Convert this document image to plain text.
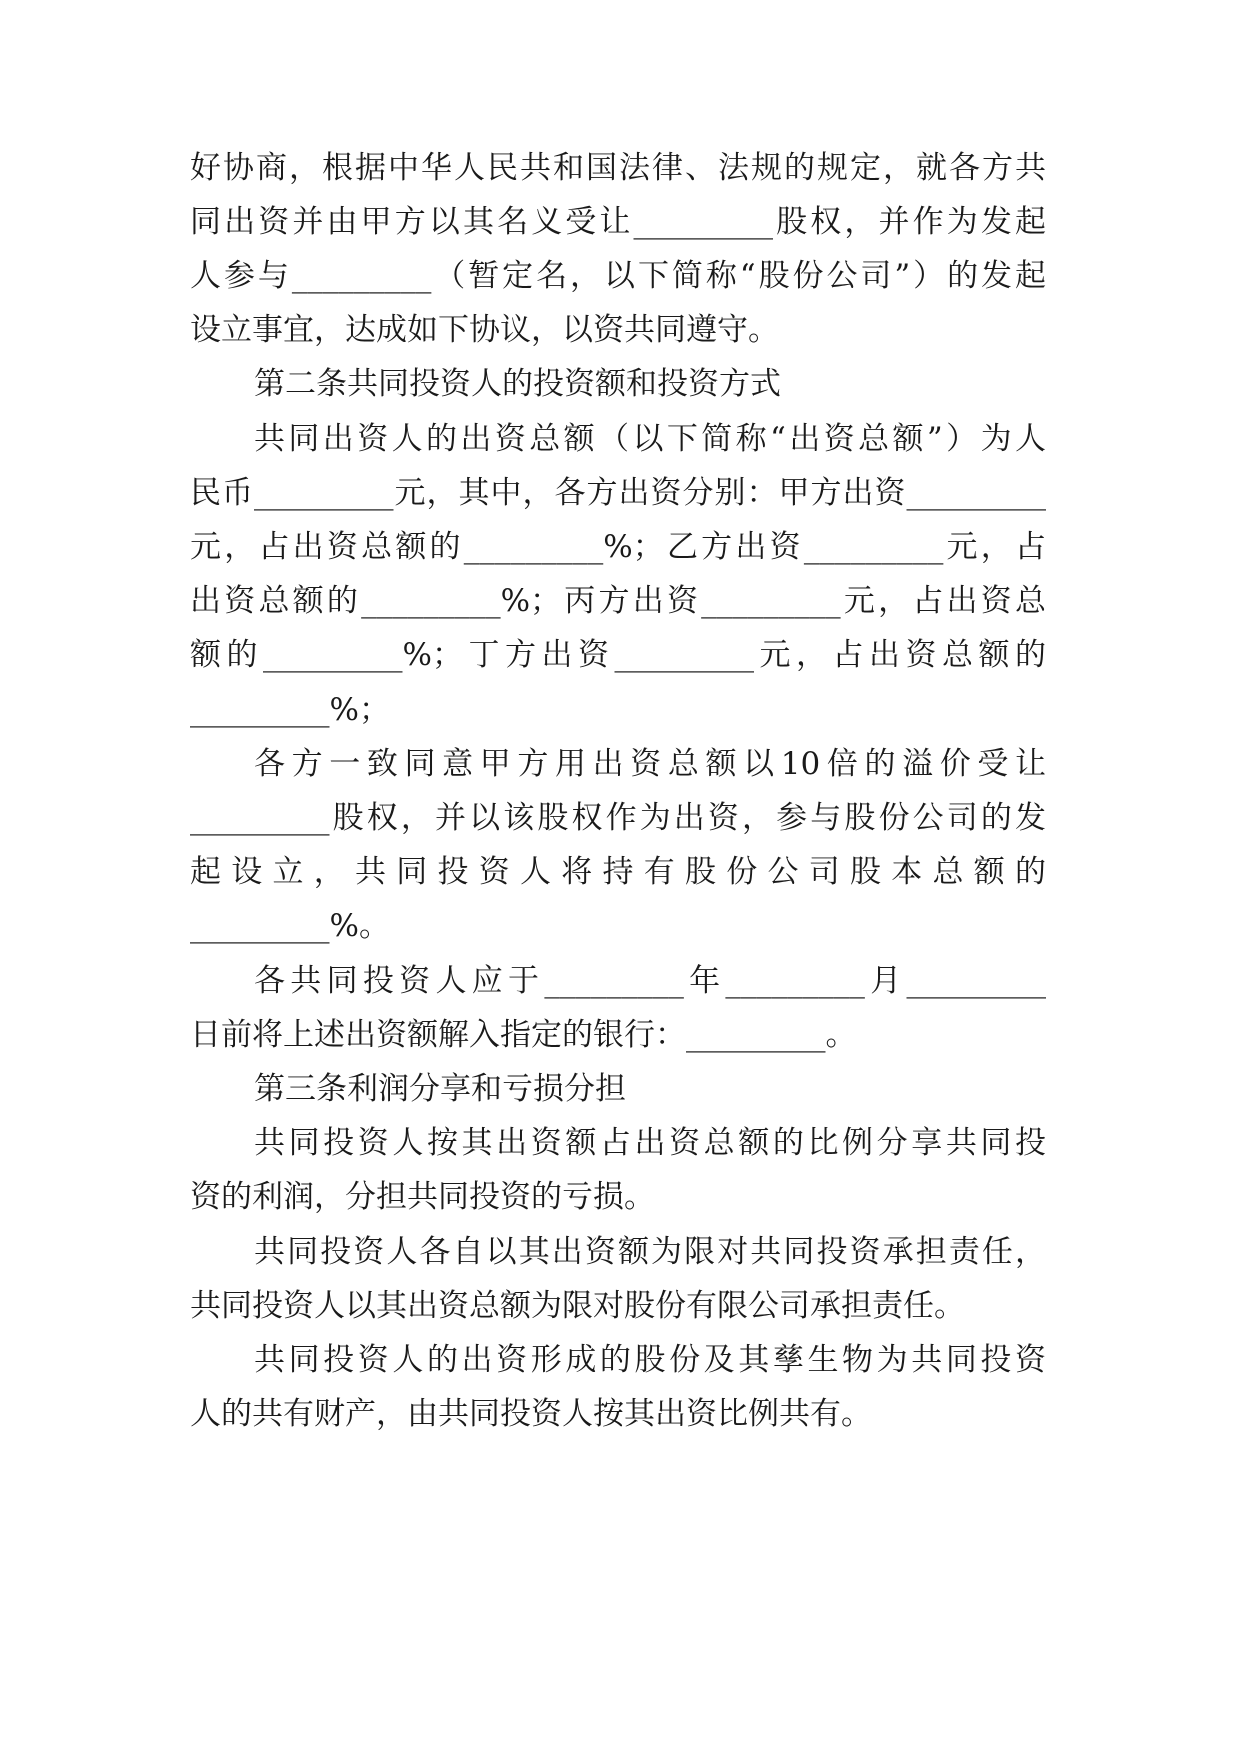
好协商，根据中华人民共和国法律、法规的规定，就各方共
同出资并由甲方以其名义受让_________股权，并作为发起
人参与_________（暂定名，以下简称“股份公司”）的发起
设立事宜，达成如下协议，以资共同遵守。
第二条共同投资人的投资额和投资方式
共同出资人的出资总额（以下简称“出资总额”）为人
民币_________元，其中，各方出资分别：甲方出资_________
元，占出资总额的_________%；乙方出资_________元，占
出资总额的_________%；丙方出资_________元，占出资总
额的_________%；丁方出资_________元，占出资总额的
_________%；
各方一致同意甲方用出资总额以10倍的溢价受让
_________股权，并以该股权作为出资，参与股份公司的发
起设立，共同投资人将持有股份公司股本总额的
_________%。
各共同投资人应于_________年_________月_________
日前将上述出资额解入指定的银行：_________。
第三条利润分享和亏损分担
共同投资人按其出资额占出资总额的比例分享共同投
资的利润，分担共同投资的亏损。
共同投资人各自以其出资额为限对共同投资承担责任，
共同投资人以其出资总额为限对股份有限公司承担责任。
共同投资人的出资形成的股份及其孳生物为共同投资
人的共有财产，由共同投资人按其出资比例共有。
